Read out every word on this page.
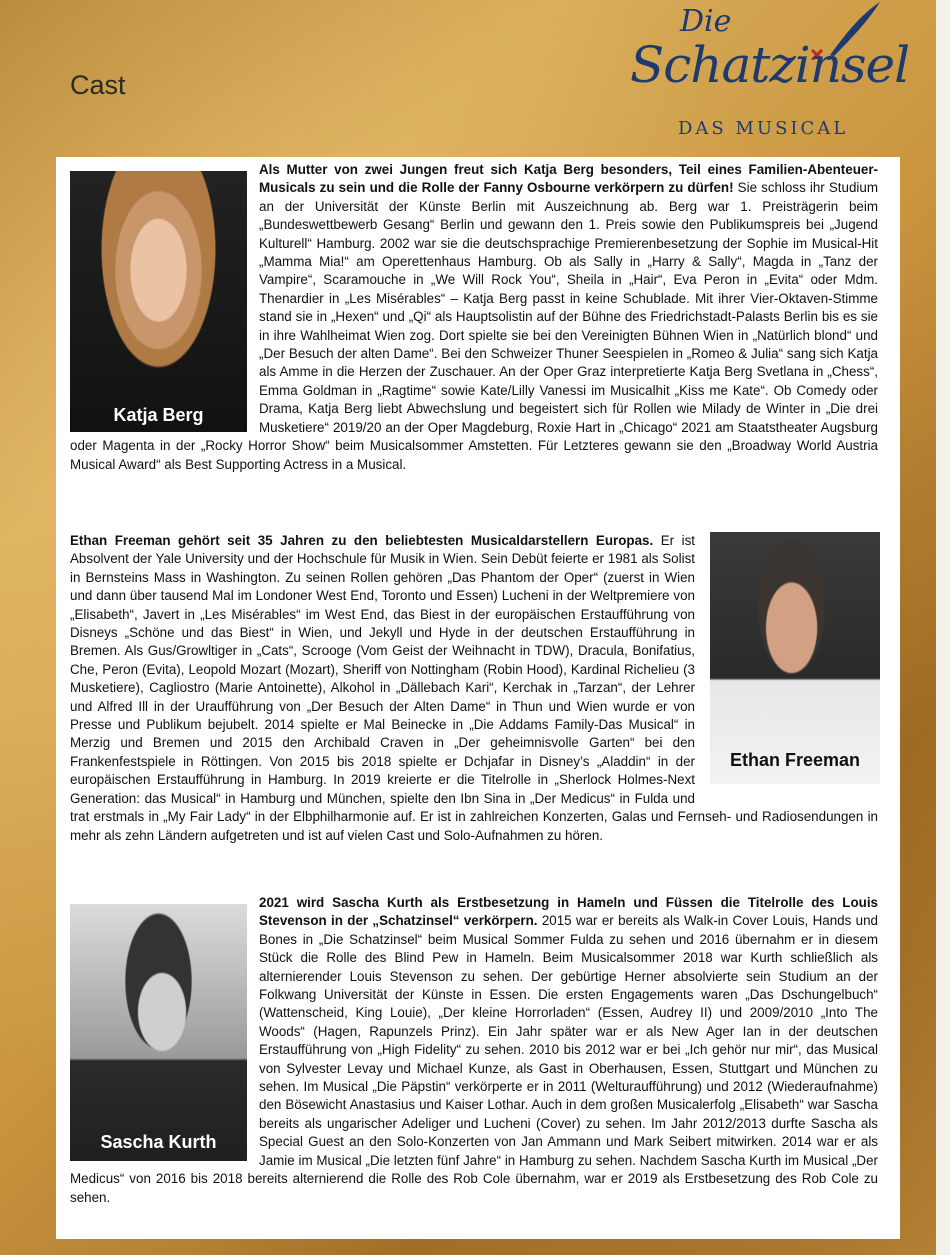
Cast
Die
Schatzinsel
DAS MUSICAL
Katja Berg

Als Mutter von zwei Jungen freut sich Katja Berg besonders, Teil eines Familien-Abenteuer-Musicals zu sein und die Rolle der Fanny Osbourne verkörpern zu dürfen! Sie schloss ihr Studium an der Universität der Künste Berlin mit Auszeichnung ab. Berg war 1. Preisträgerin beim „Bundeswettbewerb Gesang“ Berlin und gewann den 1. Preis sowie den Publikumspreis bei „Jugend Kulturell“ Hamburg. 2002 war sie die deutschsprachige Premierenbesetzung der Sophie im Musical-Hit „Mamma Mia!“ am Operettenhaus Hamburg. Ob als Sally in „Harry & Sally“, Magda in „Tanz der Vampire“, Scaramouche in „We Will Rock You“, Sheila in „Hair“, Eva Peron in „Evita“ oder Mdm. Thenardier in „Les Misérables“ – Katja Berg passt in keine Schublade. Mit ihrer Vier-Oktaven-Stimme stand sie in „Hexen“ und „Qi“ als Hauptsolistin auf der Bühne des Friedrichstadt-Palasts Berlin bis es sie in ihre Wahlheimat Wien zog. Dort spielte sie bei den Vereinigten Bühnen Wien in „Natürlich blond“ und „Der Besuch der alten Dame“. Bei den Schweizer Thuner Seespielen in „Romeo & Julia“ sang sich Katja als Amme in die Herzen der Zuschauer. An der Oper Graz interpretierte Katja Berg Svetlana in „Chess“, Emma Goldman in „Ragtime“ sowie Kate/Lilly Vanessi im Musicalhit „Kiss me Kate“. Ob Comedy oder Drama, Katja Berg liebt Abwechslung und begeistert sich für Rollen wie Milady de Winter in „Die drei Musketiere“ 2019/20 an der Oper Magdeburg, Roxie Hart in „Chicago“ 2021 am Staatstheater Augsburg oder Magenta in der „Rocky Horror Show“ beim Musicalsommer Amstetten. Für Letzteres gewann sie den „Broadway World Austria Musical Award“ als Best Supporting Actress in a Musical.

Ethan Freeman

Ethan Freeman gehört seit 35 Jahren zu den beliebtesten Musicaldarstellern Europas. Er ist Absolvent der Yale University und der Hochschule für Musik in Wien. Sein Debüt feierte er 1981 als Solist in Bernsteins Mass in Washington. Zu seinen Rollen gehören „Das Phantom der Oper“ (zuerst in Wien und dann über tausend Mal im Londoner West End, Toronto und Essen) Lucheni in der Weltpremiere von „Elisabeth“, Javert in „Les Misérables“ im West End, das Biest in der europäischen Erstaufführung von Disneys „Schöne und das Biest“ in Wien, und Jekyll und Hyde in der deutschen Erstaufführung in Bremen. Als Gus/Growltiger in „Cats“, Scrooge (Vom Geist der Weihnacht in TDW), Dracula, Bonifatius, Che, Peron (Evita), Leopold Mozart (Mozart), Sheriff von Nottingham (Robin Hood), Kardinal Richelieu (3 Musketiere), Cagliostro (Marie Antoinette), Alkohol in „Dällebach Kari“, Kerchak in „Tarzan“, der Lehrer und Alfred Ill in der Uraufführung von „Der Besuch der Alten Dame“ in Thun und Wien wurde er von Presse und Publikum bejubelt. 2014 spielte er Mal Beinecke in „Die Addams Family-Das Musical“ in Merzig und Bremen und 2015 den Archibald Craven in „Der geheimnisvolle Garten“ bei den Frankenfestspiele in Röttingen. Von 2015 bis 2018 spielte er Dchjafar in Disney’s „Aladdin“ in der europäischen Erstaufführung in Hamburg. In 2019 kreierte er die Titelrolle in „Sherlock Holmes-Next Generation: das Musical“ in Hamburg und München, spielte den Ibn Sina in „Der Medicus“ in Fulda und trat erstmals in „My Fair Lady“ in der Elbphilharmonie auf. Er ist in zahlreichen Konzerten, Galas und Fernseh- und Radiosendungen in mehr als zehn Ländern aufgetreten und ist auf vielen Cast und Solo-Aufnahmen zu hören.

Sascha Kurth

2021 wird Sascha Kurth als Erstbesetzung in Hameln und Füssen die Titelrolle des Louis Stevenson in der „Schatzinsel“ verkörpern. 2015 war er bereits als Walk-in Cover Louis, Hands und Bones in „Die Schatzinsel“ beim Musical Sommer Fulda zu sehen und 2016 übernahm er in diesem Stück die Rolle des Blind Pew in Hameln. Beim Musicalsommer 2018 war Kurth schließlich als alternierender Louis Stevenson zu sehen. Der gebürtige Herner absolvierte sein Studium an der Folkwang Universität der Künste in Essen. Die ersten Engagements waren „Das Dschungelbuch“ (Wattenscheid, King Louie), „Der kleine Horrorladen“ (Essen, Audrey II) und 2009/2010 „Into The Woods“ (Hagen, Rapunzels Prinz). Ein Jahr später war er als New Ager Ian in der deutschen Erstaufführung von „High Fidelity“ zu sehen. 2010 bis 2012 war er bei „Ich gehör nur mir“, das Musical von Sylvester Levay und Michael Kunze, als Gast in Oberhausen, Essen, Stuttgart und München zu sehen. Im Musical „Die Päpstin“ verkörperte er in 2011 (Welturaufführung) und 2012 (Wiederaufnahme) den Bösewicht Anastasius und Kaiser Lothar. Auch in dem großen Musicalerfolg „Elisabeth“ war Sascha bereits als ungarischer Adeliger und Lucheni (Cover) zu sehen. Im Jahr 2012/2013 durfte Sascha als Special Guest an den Solo-Konzerten von Jan Ammann und Mark Seibert mitwirken. 2014 war er als Jamie im Musical „Die letzten fünf Jahre“ in Hamburg zu sehen. Nachdem Sascha Kurth im Musical „Der Medicus“ von 2016 bis 2018 bereits alternierend die Rolle des Rob Cole übernahm, war er 2019 als Erstbesetzung des Rob Cole zu sehen.
